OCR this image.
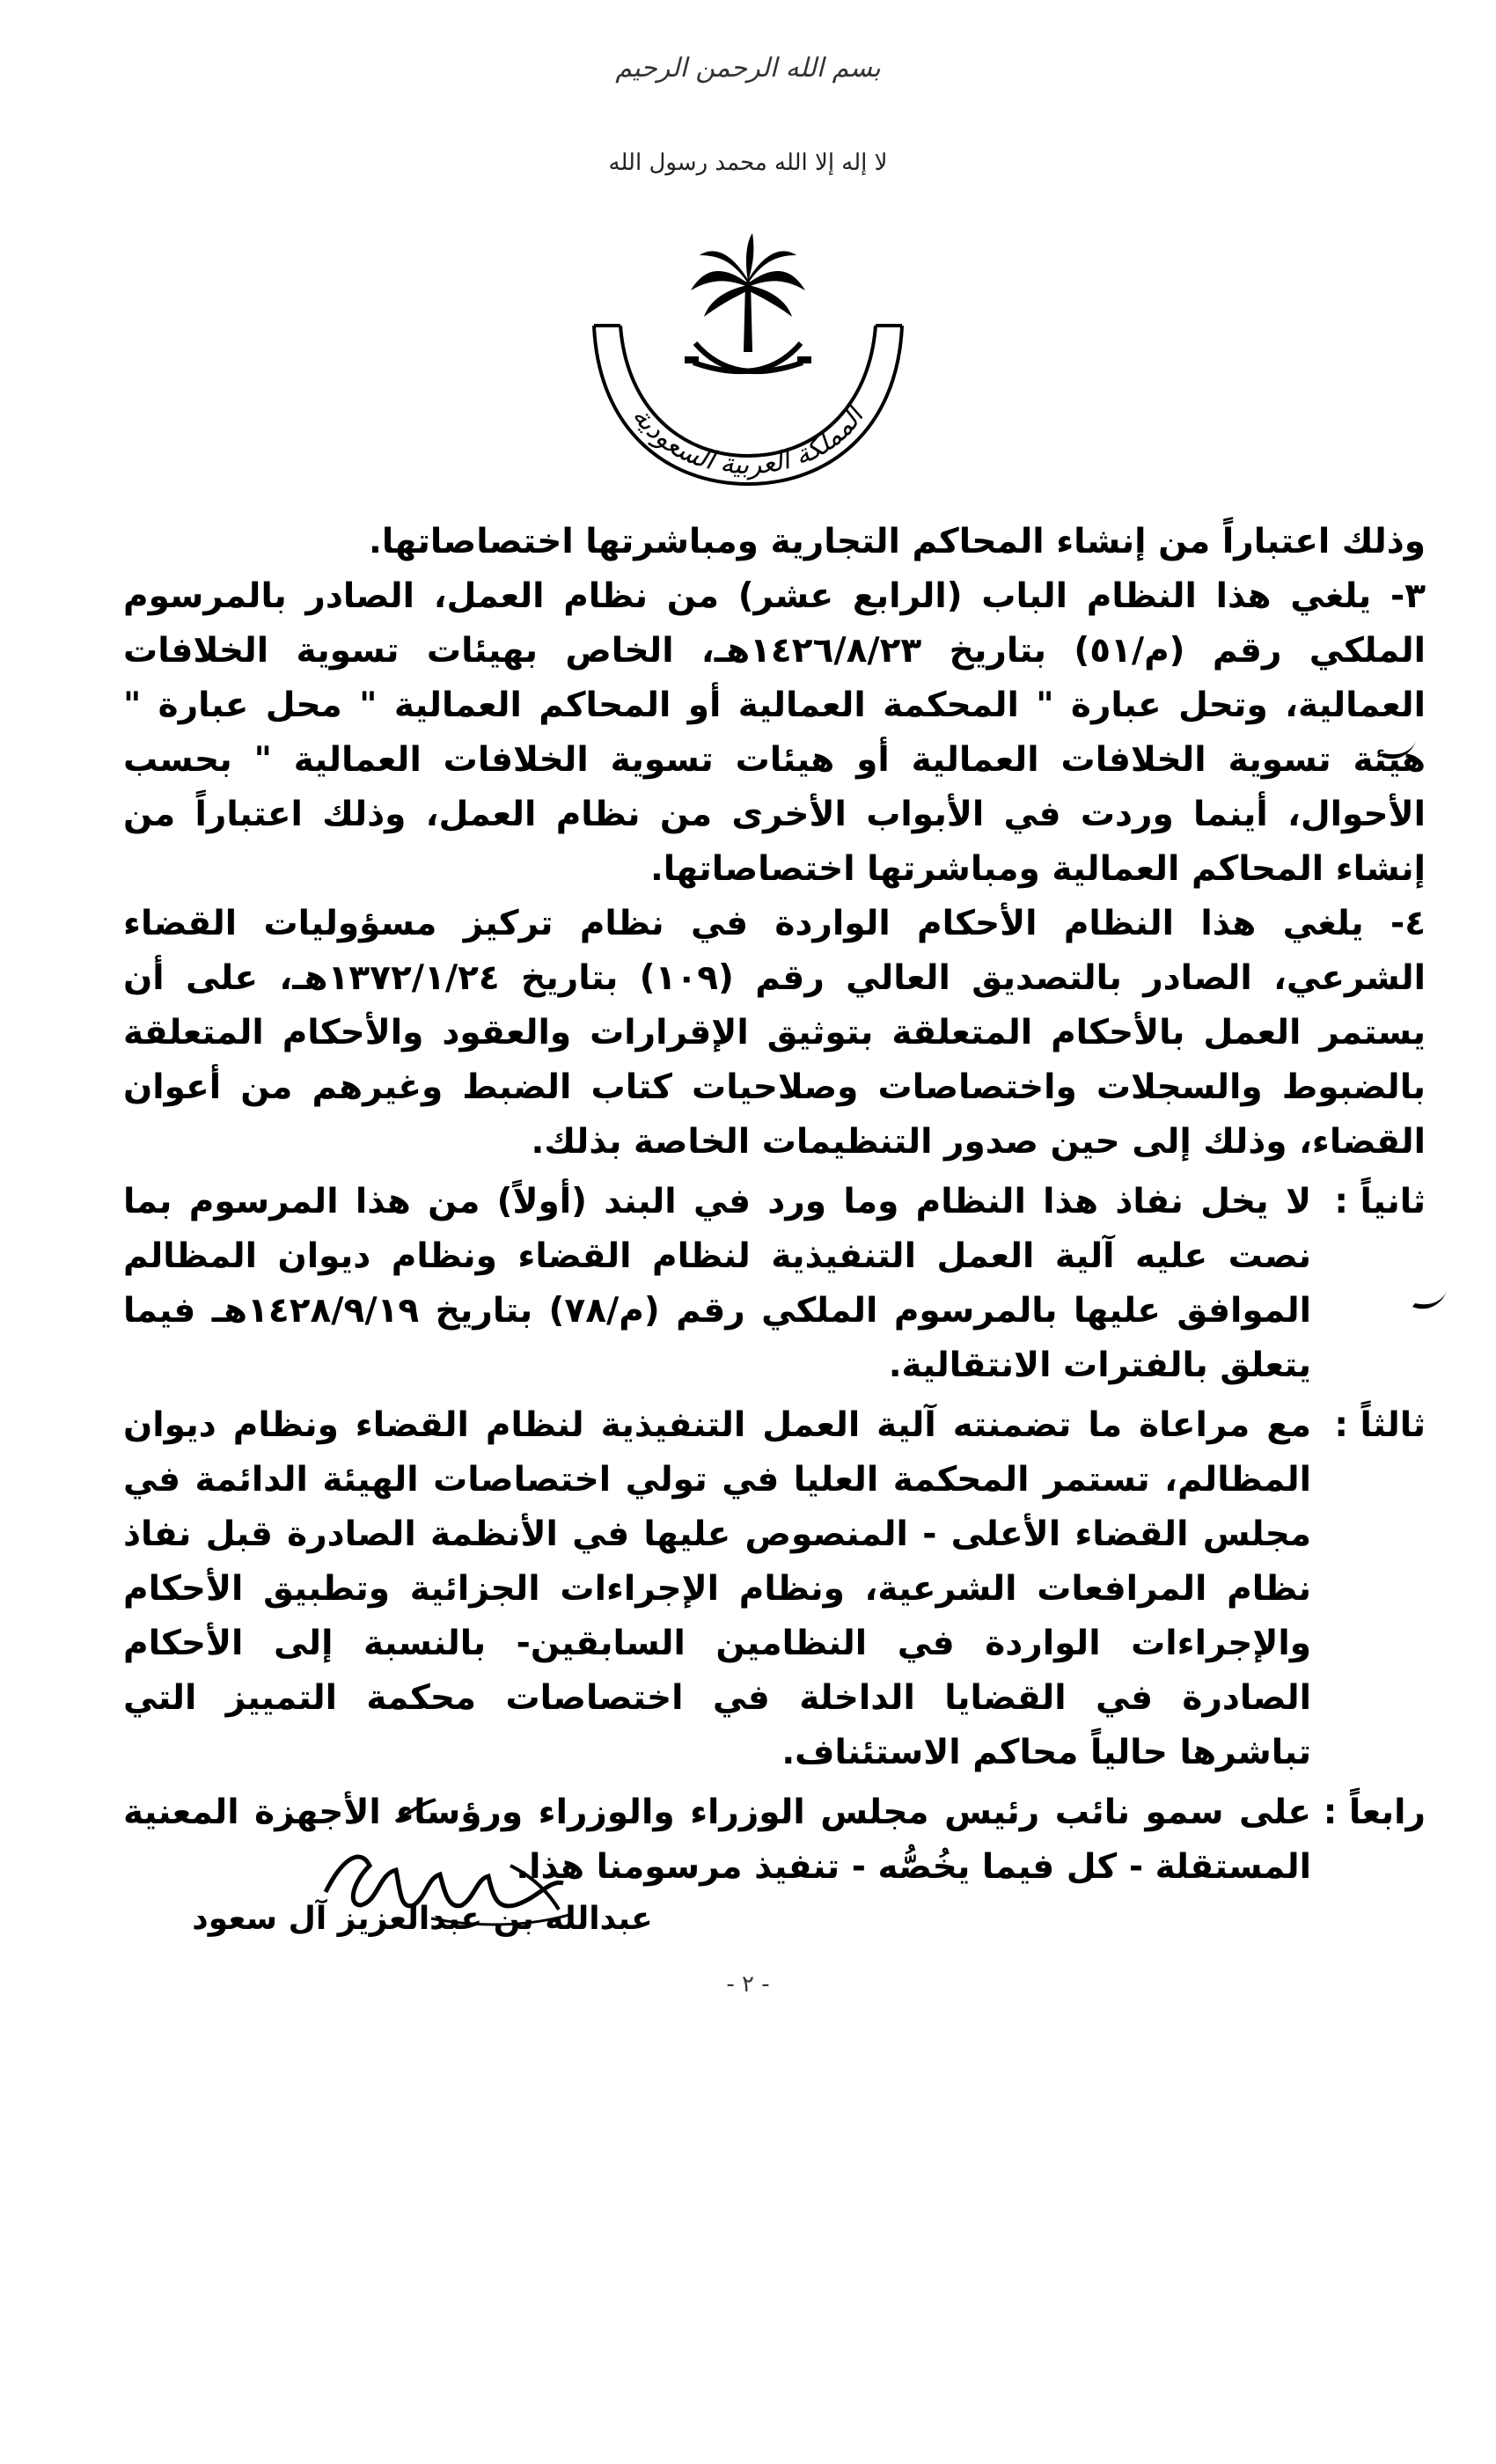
بسم الله الرحمن الرحيم
لا إله إلا الله محمد رسول الله
المملكة العربية السعودية

وذلك اعتباراً من إنشاء المحاكم التجارية ومباشرتها اختصاصاتها.

٣- يلغي هذا النظام الباب (الرابع عشر) من نظام العمل، الصادر بالمرسوم الملكي رقم (م/٥١) بتاريخ ١٤٢٦/٨/٢٣هـ، الخاص بهيئات تسوية الخلافات العمالية، وتحل عبارة " المحكمة العمالية أو المحاكم العمالية " محل عبارة " هيئة تسوية الخلافات العمالية أو هيئات تسوية الخلافات العمالية " بحسب الأحوال، أينما وردت في الأبواب الأخرى من نظام العمل، وذلك اعتباراً من إنشاء المحاكم العمالية ومباشرتها اختصاصاتها.

٤- يلغي هذا النظام الأحكام الواردة في نظام تركيز مسؤوليات القضاء الشرعي، الصادر بالتصديق العالي رقم (١٠٩) بتاريخ ١٣٧٢/١/٢٤هـ، على أن يستمر العمل بالأحكام المتعلقة بتوثيق الإقرارات والعقود والأحكام المتعلقة بالضبوط والسجلات واختصاصات وصلاحيات كتاب الضبط وغيرهم من أعوان القضاء، وذلك إلى حين صدور التنظيمات الخاصة بذلك.

ثانياً :
لا يخل نفاذ هذا النظام وما ورد في البند (أولاً) من هذا المرسوم بما نصت عليه آلية العمل التنفيذية لنظام القضاء ونظام ديوان المظالم الموافق عليها بالمرسوم الملكي رقم (م/٧٨) بتاريخ ١٤٢٨/٩/١٩هـ فيما يتعلق بالفترات الانتقالية.
ثالثاً :
مع مراعاة ما تضمنته آلية العمل التنفيذية لنظام القضاء ونظام ديوان المظالم، تستمر المحكمة العليا في تولي اختصاصات الهيئة الدائمة في مجلس القضاء الأعلى - المنصوص عليها في الأنظمة الصادرة قبل نفاذ نظام المرافعات الشرعية، ونظام الإجراءات الجزائية وتطبيق الأحكام والإجراءات الواردة في النظامين السابقين- بالنسبة إلى الأحكام الصادرة في القضايا الداخلة في اختصاصات محكمة التمييز التي تباشرها حالياً محاكم الاستئناف.
رابعاً :
على سمو نائب رئيس مجلس الوزراء والوزراء ورؤساء الأجهزة المعنية المستقلة - كل فيما يخُصُّه - تنفيذ مرسومنا هذا.
عبدالله بن عبدالعزيز آل سعود
- ٢ -
